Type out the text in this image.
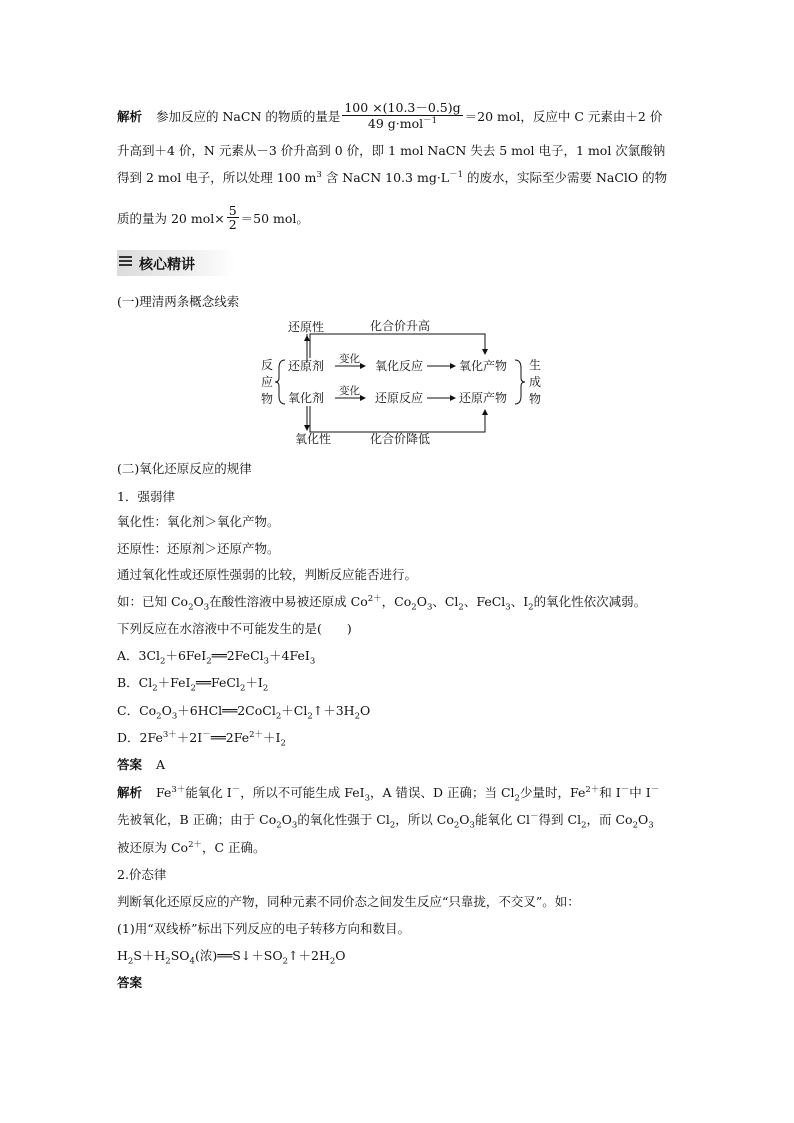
解析 参加反应的 NaCN 的物质的量是 $\frac{100 \times(10.3-0.5)g}{49 g\cdot mol^{-1}} =20$ mol，反应中 C 元素由＋2 价
升高到＋4 价，N 元素从－3 价升高到 0 价，即 1 mol NaCN 失去 5 mol 电子，1 mol 次氯酸钠
得到 2 mol 电子，所以处理 100 $m^3$ 含 NaCN 10.3 $mg\cdot L^{-1}$ 的废水，实际至少需要 NaClO 的物
质的量为 20 $mol\times \frac{5}{2} =50$ mol。
核心精讲
(一)理清两条概念线索
还原性	化合价升高
反
应
物
还原剂 变化 氧化反应	氧化产物
氧化剂 变化 还原反应	还原产物
生
成
物
氧化性	化合价降低
(二)氧化还原反应的规律
1．强弱律
氧化性：氧化剂＞氧化产物。
还原性：还原剂＞还原产物。
通过氧化性或还原性强弱的比较，判断反应能否进行。
如：已知 $Co_2O_3$在酸性溶液中易被还原成 $Co^{2+}$，$Co_2O_3$、$Cl_2$、FeCl$_3$、$I_2$的氧化性依次减弱。
下列反应在水溶液中不可能发生的是(　　)
A．$3Cl_2+6FeI_2══2FeCl_3+4FeI_3$
B．$Cl_2+FeI_2══FeCl_2+I_2$
C．$Co_2O_3+6HCl══2CoCl_2+Cl_2↑+3H_2O$
D．$2Fe^{3+}+2I^-══2Fe^{2+}+I_2$
答案 A
解析 $Fe^{3+}$能氧化 I－，所以不可能生成 FeI$_3$，A 错误、D 正确；当 $Cl_2$少量时，$Fe^{2+}$和 I－中 I－
先被氧化，B 正确；由于 $Co_2O_3$的氧化性强于 $Cl_2$，所以 $Co_2O_3$能氧化 Cl－得到 $Cl_2$，而 $Co_2O_3$
被还原为 $Co^{2+}$，C 正确。
2.价态律
判断氧化还原反应的产物，同种元素不同价态之间发生反应“只靠拢，不交叉”。如：
(1)用“双线桥”标出下列反应的电子转移方向和数目。
$H_2S+H_2SO_4$(浓)$══S↓+SO_2↑+2H_2O$
答案
